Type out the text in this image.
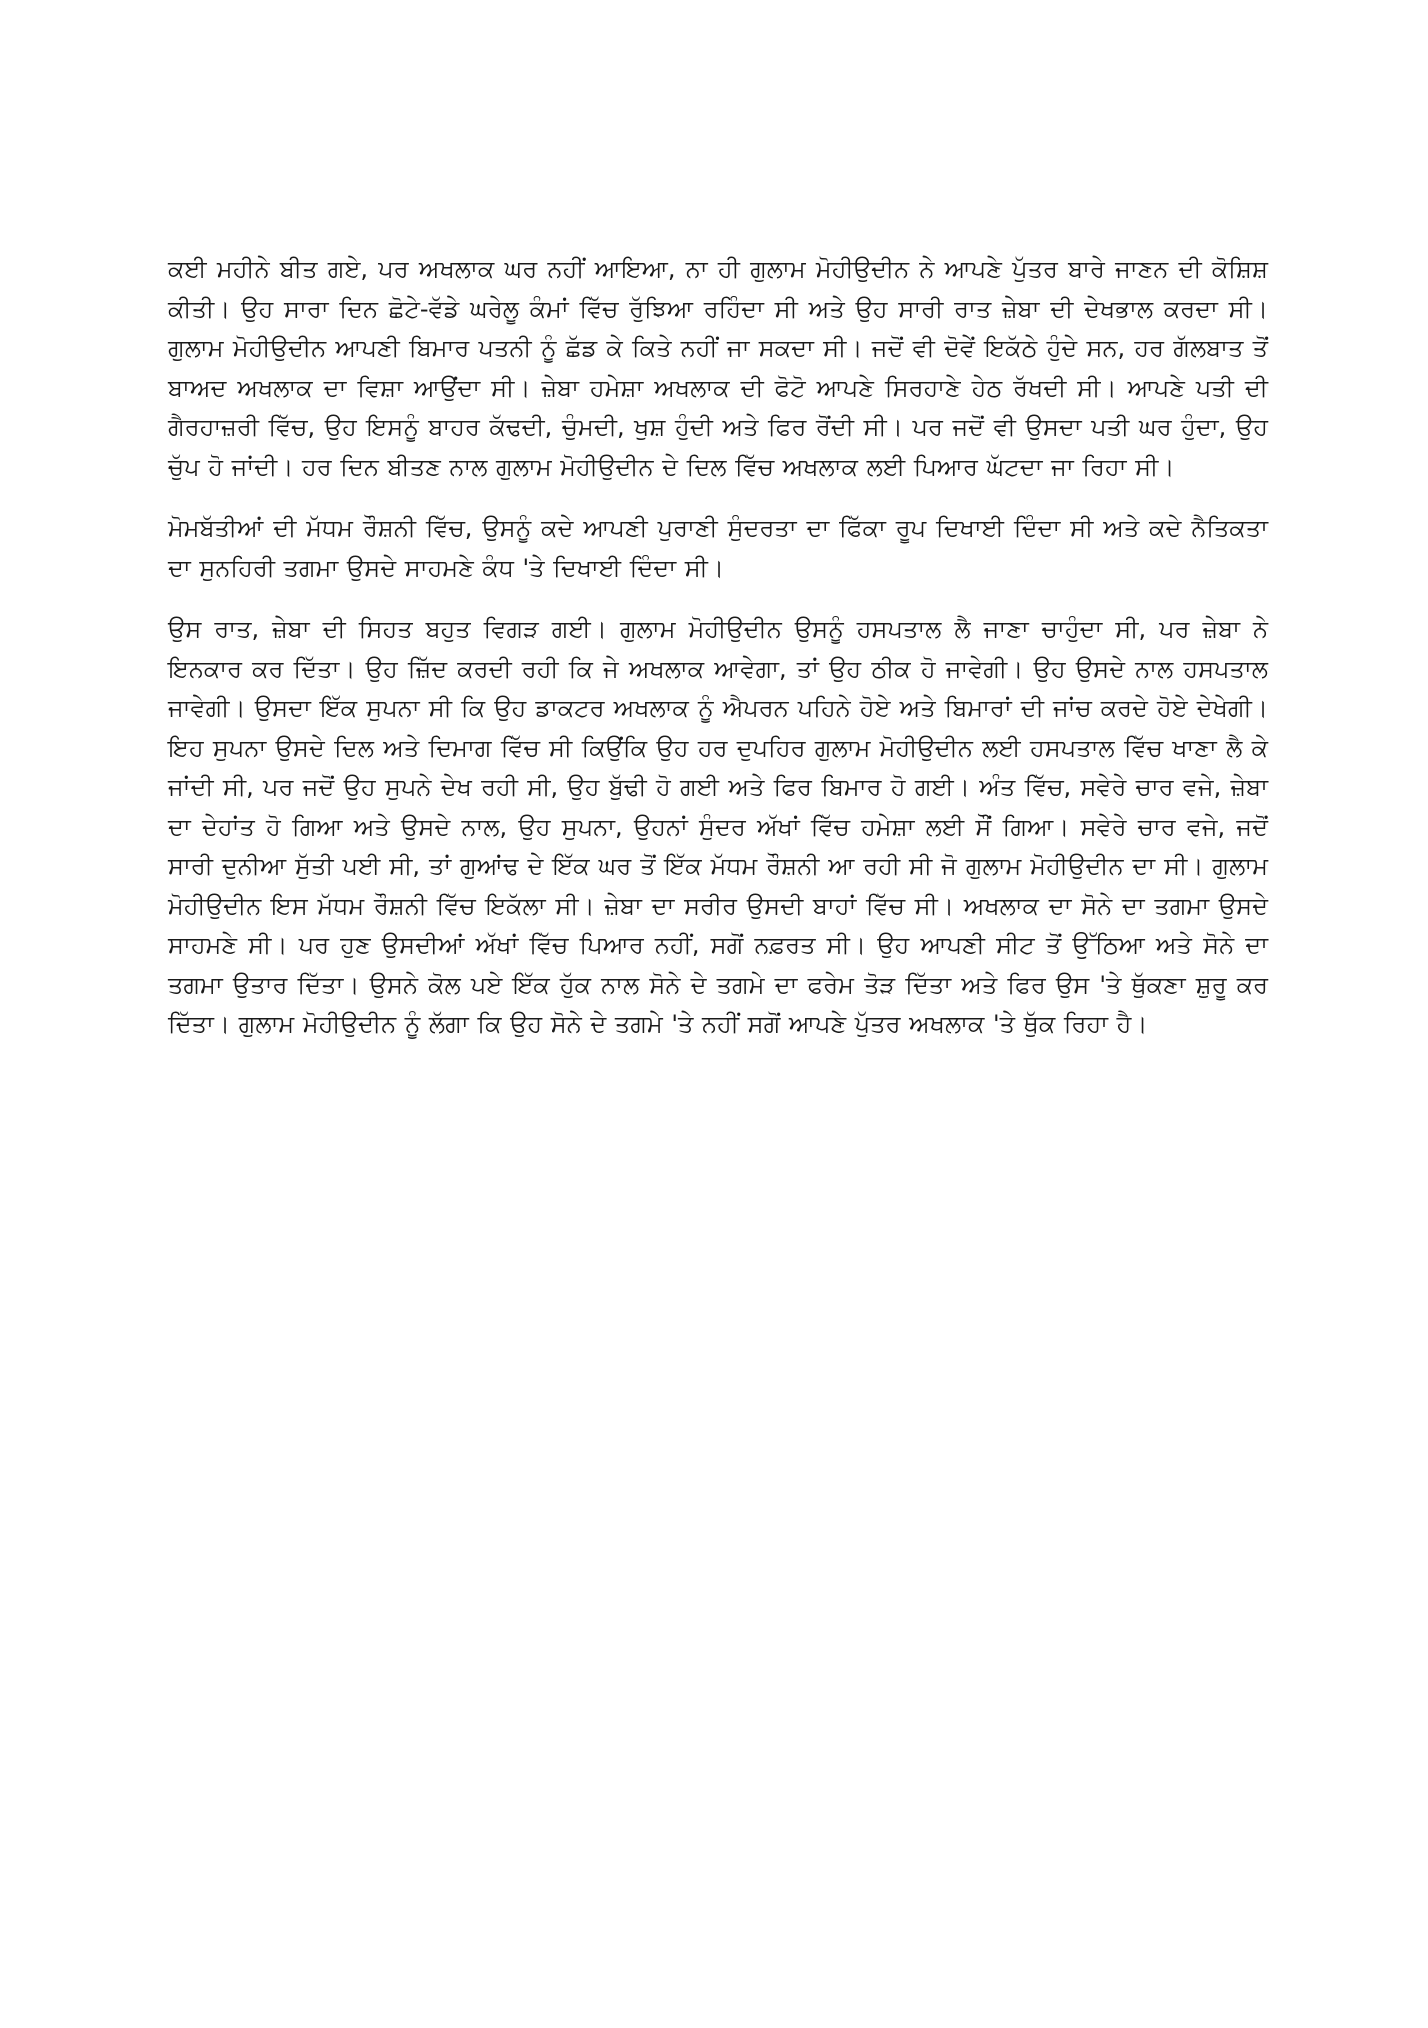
ਕਈ ਮਹੀਨੇ ਬੀਤ ਗਏ, ਪਰ ਅਖਲਾਕ ਘਰ ਨਹੀਂ ਆਇਆ, ਨਾ ਹੀ ਗੁਲਾਮ ਮੋਹੀਉਦੀਨ ਨੇ ਆਪਣੇ ਪੁੱਤਰ ਬਾਰੇ ਜਾਣਨ ਦੀ ਕੋਸ਼ਿਸ਼ ਕੀਤੀ। ਉਹ ਸਾਰਾ ਦਿਨ ਛੋਟੇ-ਵੱਡੇ ਘਰੇਲੂ ਕੰਮਾਂ ਵਿੱਚ ਰੁੱਝਿਆ ਰਹਿੰਦਾ ਸੀ ਅਤੇ ਉਹ ਸਾਰੀ ਰਾਤ ਜ਼ੇਬਾ ਦੀ ਦੇਖਭਾਲ ਕਰਦਾ ਸੀ। ਗੁਲਾਮ ਮੋਹੀਉਦੀਨ ਆਪਣੀ ਬਿਮਾਰ ਪਤਨੀ ਨੂੰ ਛੱਡ ਕੇ ਕਿਤੇ ਨਹੀਂ ਜਾ ਸਕਦਾ ਸੀ। ਜਦੋਂ ਵੀ ਦੋਵੇਂ ਇਕੱਠੇ ਹੁੰਦੇ ਸਨ, ਹਰ ਗੱਲਬਾਤ ਤੋਂ ਬਾਅਦ ਅਖਲਾਕ ਦਾ ਵਿਸ਼ਾ ਆਉਂਦਾ ਸੀ। ਜ਼ੇਬਾ ਹਮੇਸ਼ਾ ਅਖਲਾਕ ਦੀ ਫੋਟੋ ਆਪਣੇ ਸਿਰਹਾਣੇ ਹੇਠ ਰੱਖਦੀ ਸੀ। ਆਪਣੇ ਪਤੀ ਦੀ ਗੈਰਹਾਜ਼ਰੀ ਵਿੱਚ, ਉਹ ਇਸਨੂੰ ਬਾਹਰ ਕੱਢਦੀ, ਚੁੰਮਦੀ, ਖੁਸ਼ ਹੁੰਦੀ ਅਤੇ ਫਿਰ ਰੋਂਦੀ ਸੀ। ਪਰ ਜਦੋਂ ਵੀ ਉਸਦਾ ਪਤੀ ਘਰ ਹੁੰਦਾ, ਉਹ ਚੁੱਪ ਹੋ ਜਾਂਦੀ। ਹਰ ਦਿਨ ਬੀਤਣ ਨਾਲ ਗੁਲਾਮ ਮੋਹੀਉਦੀਨ ਦੇ ਦਿਲ ਵਿੱਚ ਅਖਲਾਕ ਲਈ ਪਿਆਰ ਘੱਟਦਾ ਜਾ ਰਿਹਾ ਸੀ।

ਮੋਮਬੱਤੀਆਂ ਦੀ ਮੱਧਮ ਰੌਸ਼ਨੀ ਵਿੱਚ, ਉਸਨੂੰ ਕਦੇ ਆਪਣੀ ਪੁਰਾਣੀ ਸੁੰਦਰਤਾ ਦਾ ਫਿੱਕਾ ਰੂਪ ਦਿਖਾਈ ਦਿੰਦਾ ਸੀ ਅਤੇ ਕਦੇ ਨੈਤਿਕਤਾ ਦਾ ਸੁਨਹਿਰੀ ਤਗਮਾ ਉਸਦੇ ਸਾਹਮਣੇ ਕੰਧ 'ਤੇ ਦਿਖਾਈ ਦਿੰਦਾ ਸੀ।

ਉਸ ਰਾਤ, ਜ਼ੇਬਾ ਦੀ ਸਿਹਤ ਬਹੁਤ ਵਿਗੜ ਗਈ। ਗੁਲਾਮ ਮੋਹੀਉਦੀਨ ਉਸਨੂੰ ਹਸਪਤਾਲ ਲੈ ਜਾਣਾ ਚਾਹੁੰਦਾ ਸੀ, ਪਰ ਜ਼ੇਬਾ ਨੇ ਇਨਕਾਰ ਕਰ ਦਿੱਤਾ। ਉਹ ਜ਼ਿੱਦ ਕਰਦੀ ਰਹੀ ਕਿ ਜੇ ਅਖਲਾਕ ਆਵੇਗਾ, ਤਾਂ ਉਹ ਠੀਕ ਹੋ ਜਾਵੇਗੀ। ਉਹ ਉਸਦੇ ਨਾਲ ਹਸਪਤਾਲ ਜਾਵੇਗੀ। ਉਸਦਾ ਇੱਕ ਸੁਪਨਾ ਸੀ ਕਿ ਉਹ ਡਾਕਟਰ ਅਖਲਾਕ ਨੂੰ ਐਪਰਨ ਪਹਿਨੇ ਹੋਏ ਅਤੇ ਬਿਮਾਰਾਂ ਦੀ ਜਾਂਚ ਕਰਦੇ ਹੋਏ ਦੇਖੇਗੀ। ਇਹ ਸੁਪਨਾ ਉਸਦੇ ਦਿਲ ਅਤੇ ਦਿਮਾਗ ਵਿੱਚ ਸੀ ਕਿਉਂਕਿ ਉਹ ਹਰ ਦੁਪਹਿਰ ਗੁਲਾਮ ਮੋਹੀਉਦੀਨ ਲਈ ਹਸਪਤਾਲ ਵਿੱਚ ਖਾਣਾ ਲੈ ਕੇ ਜਾਂਦੀ ਸੀ, ਪਰ ਜਦੋਂ ਉਹ ਸੁਪਨੇ ਦੇਖ ਰਹੀ ਸੀ, ਉਹ ਬੁੱਢੀ ਹੋ ਗਈ ਅਤੇ ਫਿਰ ਬਿਮਾਰ ਹੋ ਗਈ। ਅੰਤ ਵਿੱਚ, ਸਵੇਰੇ ਚਾਰ ਵਜੇ, ਜ਼ੇਬਾ ਦਾ ਦੇਹਾਂਤ ਹੋ ਗਿਆ ਅਤੇ ਉਸਦੇ ਨਾਲ, ਉਹ ਸੁਪਨਾ, ਉਹਨਾਂ ਸੁੰਦਰ ਅੱਖਾਂ ਵਿੱਚ ਹਮੇਸ਼ਾ ਲਈ ਸੌਂ ਗਿਆ। ਸਵੇਰੇ ਚਾਰ ਵਜੇ, ਜਦੋਂ ਸਾਰੀ ਦੁਨੀਆ ਸੁੱਤੀ ਪਈ ਸੀ, ਤਾਂ ਗੁਆਂਢ ਦੇ ਇੱਕ ਘਰ ਤੋਂ ਇੱਕ ਮੱਧਮ ਰੌਸ਼ਨੀ ਆ ਰਹੀ ਸੀ ਜੋ ਗੁਲਾਮ ਮੋਹੀਉਦੀਨ ਦਾ ਸੀ। ਗੁਲਾਮ ਮੋਹੀਉਦੀਨ ਇਸ ਮੱਧਮ ਰੌਸ਼ਨੀ ਵਿੱਚ ਇਕੱਲਾ ਸੀ। ਜ਼ੇਬਾ ਦਾ ਸਰੀਰ ਉਸਦੀ ਬਾਹਾਂ ਵਿੱਚ ਸੀ। ਅਖਲਾਕ ਦਾ ਸੋਨੇ ਦਾ ਤਗਮਾ ਉਸਦੇ ਸਾਹਮਣੇ ਸੀ। ਪਰ ਹੁਣ ਉਸਦੀਆਂ ਅੱਖਾਂ ਵਿੱਚ ਪਿਆਰ ਨਹੀਂ, ਸਗੋਂ ਨਫ਼ਰਤ ਸੀ। ਉਹ ਆਪਣੀ ਸੀਟ ਤੋਂ ਉੱਠਿਆ ਅਤੇ ਸੋਨੇ ਦਾ ਤਗਮਾ ਉਤਾਰ ਦਿੱਤਾ। ਉਸਨੇ ਕੋਲ ਪਏ ਇੱਕ ਹੁੱਕ ਨਾਲ ਸੋਨੇ ਦੇ ਤਗਮੇ ਦਾ ਫਰੇਮ ਤੋੜ ਦਿੱਤਾ ਅਤੇ ਫਿਰ ਉਸ 'ਤੇ ਥੁੱਕਣਾ ਸ਼ੁਰੂ ਕਰ ਦਿੱਤਾ। ਗੁਲਾਮ ਮੋਹੀਉਦੀਨ ਨੂੰ ਲੱਗਾ ਕਿ ਉਹ ਸੋਨੇ ਦੇ ਤਗਮੇ 'ਤੇ ਨਹੀਂ ਸਗੋਂ ਆਪਣੇ ਪੁੱਤਰ ਅਖਲਾਕ 'ਤੇ ਥੁੱਕ ਰਿਹਾ ਹੈ।
